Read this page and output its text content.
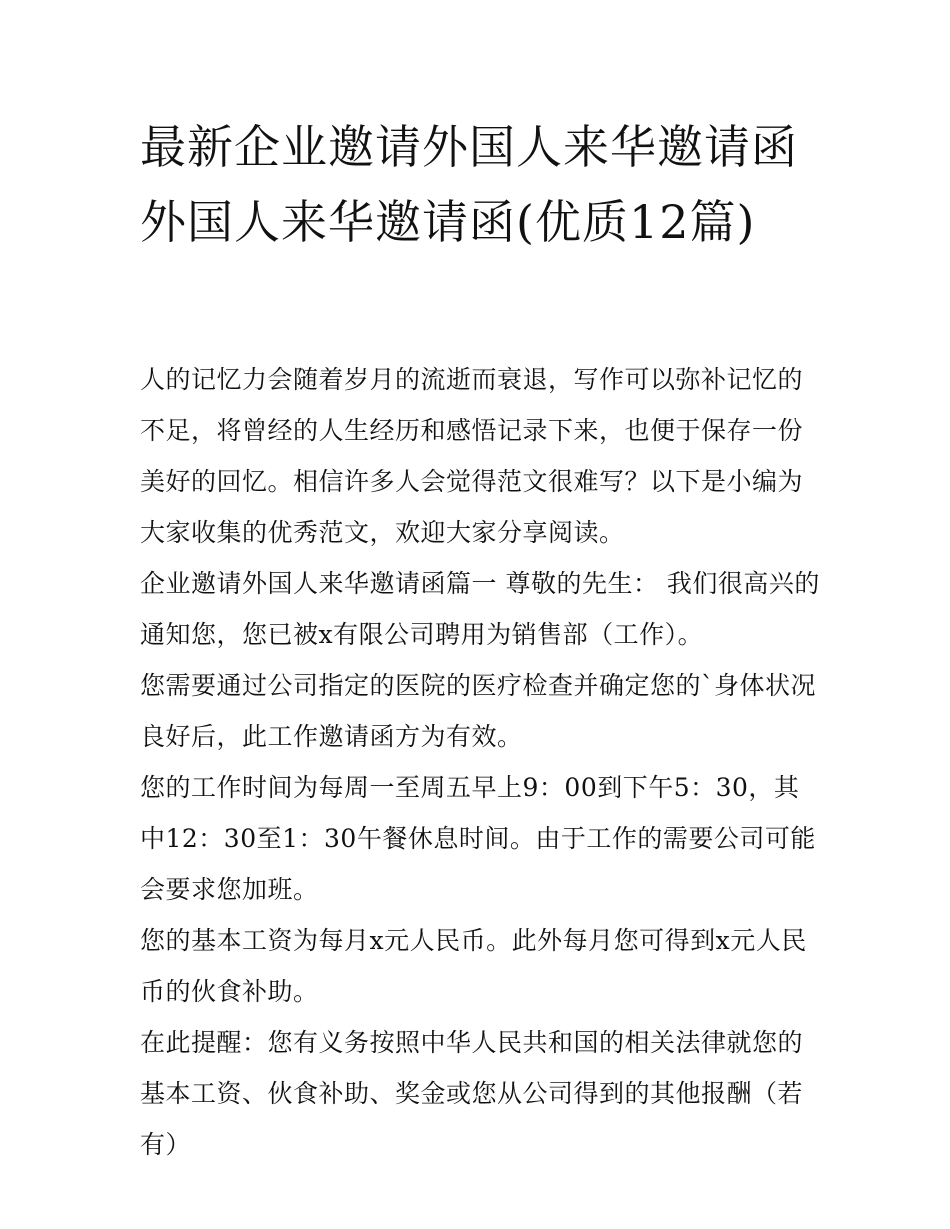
最新企业邀请外国人来华邀请函 外国人来华邀请函(优质12篇)

人的记忆力会随着岁月的流逝而衰退，写作可以弥补记忆的不足，将曾经的人生经历和感悟记录下来，也便于保存一份美好的回忆。相信许多人会觉得范文很难写？以下是小编为大家收集的优秀范文，欢迎大家分享阅读。

企业邀请外国人来华邀请函篇一 尊敬的先生： 我们很高兴的通知您，您已被x有限公司聘用为销售部（工作）。

您需要通过公司指定的医院的医疗检查并确定您的`身体状况良好后，此工作邀请函方为有效。

您的工作时间为每周一至周五早上9：00到下午5：30，其中12：30至1：30午餐休息时间。由于工作的需要公司可能会要求您加班。

您的基本工资为每月x元人民币。此外每月您可得到x元人民币的伙食补助。

在此提醒：您有义务按照中华人民共和国的相关法律就您的基本工资、伙食补助、奖金或您从公司得到的其他报酬（若有）
